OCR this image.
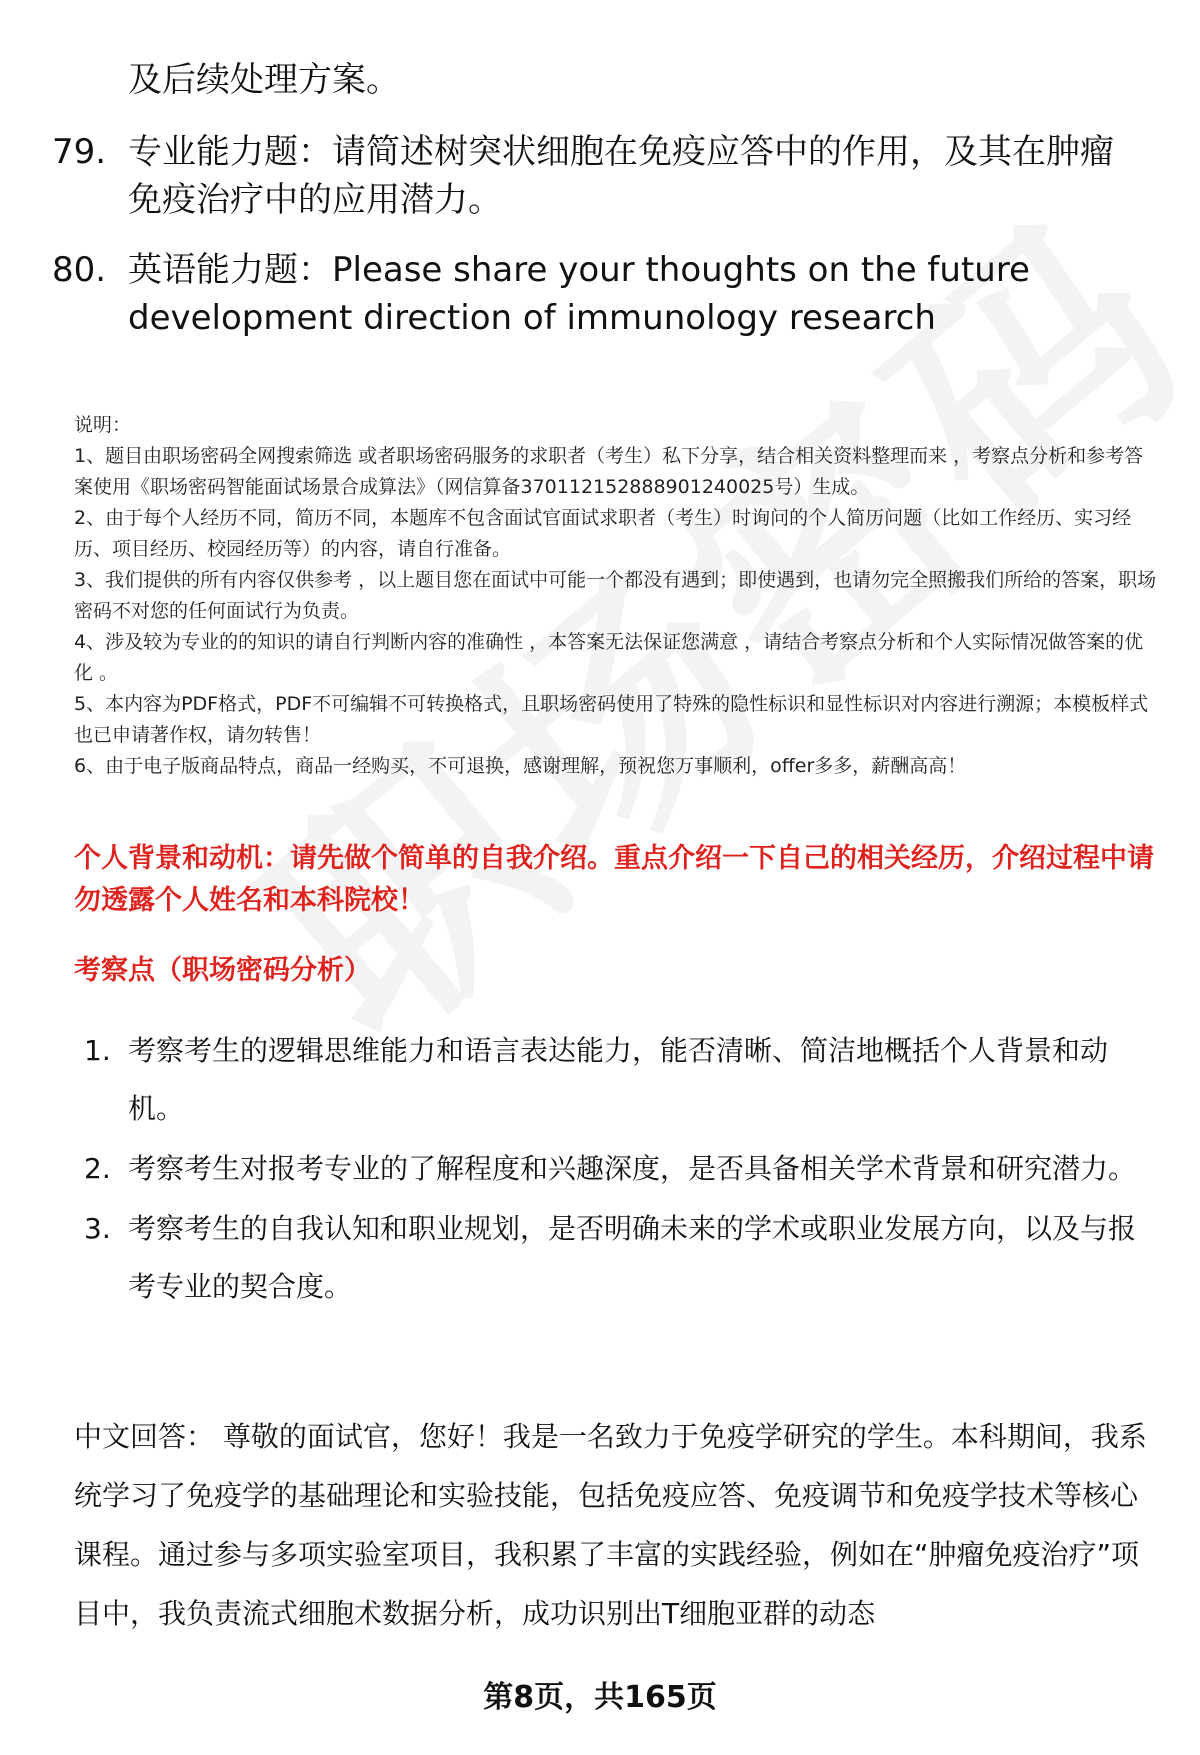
及后续处理方案。
79. 专业能力题：请简述树突状细胞在免疫应答中的作用，及其在肿瘤免疫治疗中的应用潜力。
80. 英语能力题：Please share your thoughts on the future development direction of immunology research

说明：

1、题目由职场密码全网搜索筛选 或者职场密码服务的求职者（考生）私下分享，结合相关资料整理而来 ，考察点分析和参考答案使用《职场密码智能面试场景合成算法》（网信算备370112152888901240025号）生成。

2、由于每个人经历不同，简历不同，本题库不包含面试官面试求职者（考生）时询问的个人简历问题（比如工作经历、实习经历、项目经历、校园经历等）的内容，请自行准备。

3、我们提供的所有内容仅供参考 ，以上题目您在面试中可能一个都没有遇到；即使遇到，也请勿完全照搬我们所给的答案，职场密码不对您的任何面试行为负责。

4、涉及较为专业的的知识的请自行判断内容的准确性 ，本答案无法保证您满意 ，请结合考察点分析和个人实际情况做答案的优化 。

5、本内容为PDF格式，PDF不可编辑不可转换格式，且职场密码使用了特殊的隐性标识和显性标识对内容进行溯源；本模板样式也已申请著作权，请勿转售！

6、由于电子版商品特点，商品一经购买，不可退换，感谢理解，预祝您万事顺利，offer多多，薪酬高高！

个人背景和动机：请先做个简单的自我介绍。重点介绍一下自己的相关经历，介绍过程中请勿透露个人姓名和本科院校！
考察点（职场密码分析）
1. 考察考生的逻辑思维能力和语言表达能力，能否清晰、简洁地概括个人背景和动机。
2. 考察考生对报考专业的了解程度和兴趣深度，是否具备相关学术背景和研究潜力。
3. 考察考生的自我认知和职业规划，是否明确未来的学术或职业发展方向，以及与报考专业的契合度。
中文回答： 尊敬的面试官，您好！我是一名致力于免疫学研究的学生。本科期间，我系统学习了免疫学的基础理论和实验技能，包括免疫应答、免疫调节和免疫学技术等核心课程。通过参与多项实验室项目，我积累了丰富的实践经验，例如在“肿瘤免疫治疗”项目中，我负责流式细胞术数据分析，成功识别出T细胞亚群的动态
第8页，共165页
